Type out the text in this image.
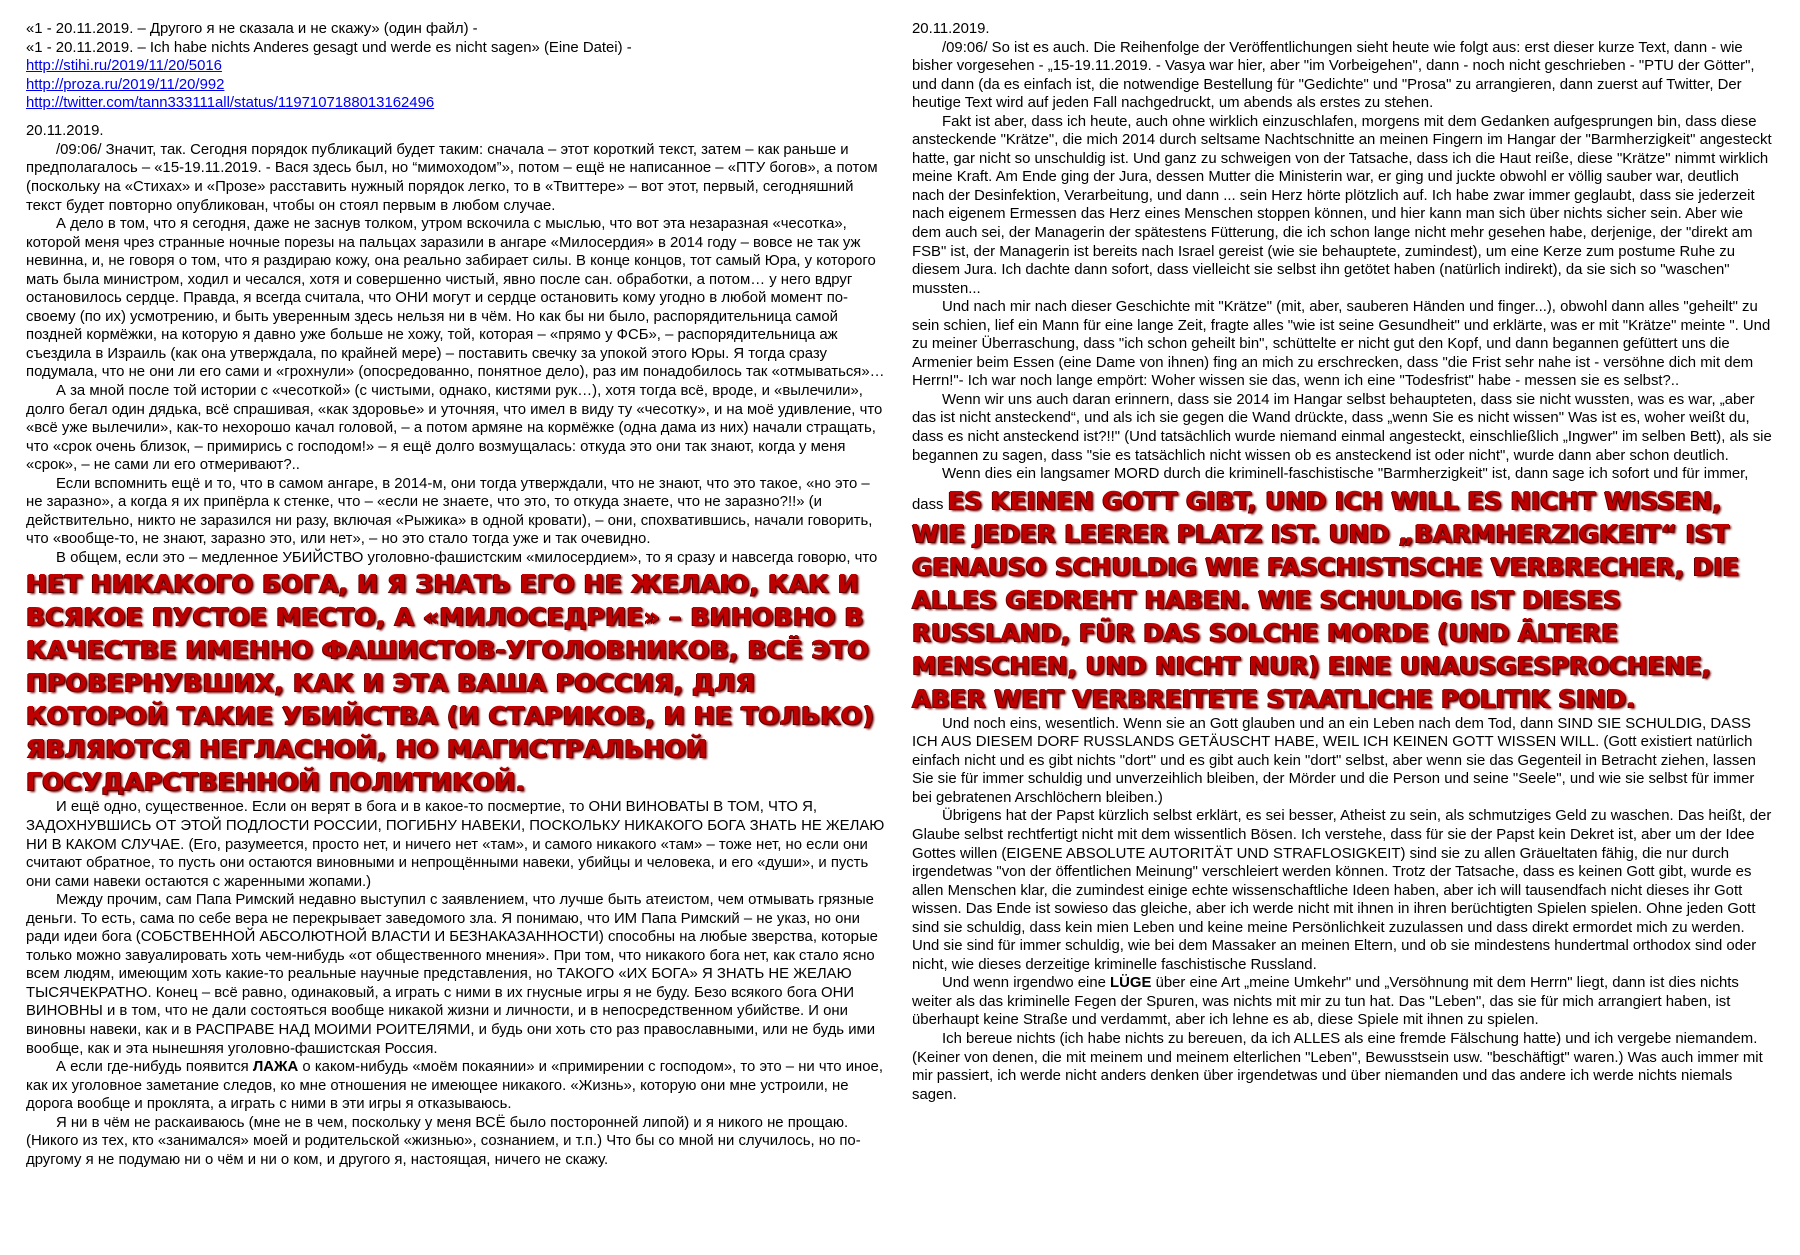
«1 - 20.11.2019. – Другого я не сказала и не скажу» (один файл) -

«1 - 20.11.2019. – Ich habe nichts Anderes gesagt und werde es nicht sagen» (Eine Datei) -

http://stihi.ru/2019/11/20/5016
http://proza.ru/2019/11/20/992
http://twitter.com/tann333111all/status/1197107188013162496

20.11.2019.

/09:06/ Значит, так. Сегодня порядок публикаций будет таким: сначала – этот короткий текст, затем – как раньше и предполагалось – «15-19.11.2019. - Вася здесь был, но “мимоходом”», потом – ещё не написанное – «ПТУ богов», а потом (поскольку на «Стихах» и «Прозе» расставить нужный порядок легко, то в «Твиттере» – вот этот, первый, сегодняшний текст будет повторно опубликован, чтобы он стоял первым в любом случае.

А дело в том, что я сегодня, даже не заснув толком, утром вскочила с мыслью, что вот эта незаразная «чесотка», которой меня чрез странные ночные порезы на пальцах заразили в ангаре «Милосердия» в 2014 году – вовсе не так уж невинна, и, не говоря о том, что я раздираю кожу, она реально забирает силы. В конце концов, тот самый Юра, у которого мать была министром, ходил и чесался, хотя и совершенно чистый, явно после сан. обработки, а потом… у него вдруг остановилось сердце. Правда, я всегда считала, что ОНИ могут и сердце остановить кому угодно в любой момент по-своему (по их) усмотрению, и быть уверенным здесь нельзя ни в чём. Но как бы ни было, распорядительница самой поздней кормёжки, на которую я давно уже больше не хожу, той, которая – «прямо у ФСБ», – распорядительница аж съездила в Израиль (как она утверждала, по крайней мере) – поставить свечку за упокой этого Юры. Я тогда сразу подумала, что не они ли его сами и «грохнули» (опосредованно, понятное дело), раз им понадобилось так «отмываться»…

А за мной после той истории с «чесоткой» (с чистыми, однако, кистями рук…), хотя тогда всё, вроде, и «вылечили», долго бегал один дядька, всё спрашивая, «как здоровье» и уточняя, что имел в виду ту «чесотку», и на моё удивление, что «всё уже вылечили», как-то нехорошо качал головой, – а потом армяне на кормёжке (одна дама из них) начали стращать, что «срок очень близок, – примирись с господом!» – я ещё долго возмущалась: откуда это они так знают, когда у меня «срок», – не сами ли его отмеривают?..

Если вспомнить ещё и то, что в самом ангаре, в 2014-м, они тогда утверждали, что не знают, что это такое, «но это – не заразно», а когда я их припёрла к стенке, что – «если не знаете, что это, то откуда знаете, что не заразно?!!» (и действительно, никто не заразился ни разу, включая «Рыжика» в одной кровати), – они, спохватившись, начали говорить, что «вообще-то, не знают, заразно это, или нет», – но это стало тогда уже и так очевидно.

В общем, если это – медленное УБИЙСТВО уголовно-фашистским «милосердием», то я сразу и навсегда говорю, что НЕТ НИКАКОГО БОГА, И Я ЗНАТЬ ЕГО НЕ ЖЕЛАЮ, КАК И ВСЯКОЕ ПУСТОЕ МЕСТО, А «МИЛОСЕДРИЕ» – ВИНОВНО В КАЧЕСТВЕ ИМЕННО ФАШИСТОВ-УГОЛОВНИКОВ, ВСЁ ЭТО ПРОВЕРНУВШИХ, КАК И ЭТА ВАША РОССИЯ, ДЛЯ КОТОРОЙ ТАКИЕ УБИЙСТВА (И СТАРИКОВ, И НЕ ТОЛЬКО) ЯВЛЯЮТСЯ НЕГЛАСНОЙ, НО МАГИСТРАЛЬНОЙ ГОСУДАРСТВЕННОЙ ПОЛИТИКОЙ.

И ещё одно, существенное. Если он верят в бога и в какое-то посмертие, то ОНИ ВИНОВАТЫ В ТОМ, ЧТО Я, ЗАДОХНУВШИСЬ ОТ ЭТОЙ ПОДЛОСТИ РОССИИ, ПОГИБНУ НАВЕКИ, ПОСКОЛЬКУ НИКАКОГО БОГА ЗНАТЬ НЕ ЖЕЛАЮ НИ В КАКОМ СЛУЧАЕ. (Его, разумеется, просто нет, и ничего нет «там», и самого никакого «там» – тоже нет, но если они считают обратное, то пусть они остаются виновными и непрощёнными навеки, убийцы и человека, и его «души», и пусть они сами навеки остаются с жаренными жопами.)

Между прочим, сам Папа Римский недавно выступил с заявлением, что лучше быть атеистом, чем отмывать грязные деньги. То есть, сама по себе вера не перекрывает заведомого зла. Я понимаю, что ИМ Папа Римский – не указ, но они ради идеи бога (СОБСТВЕННОЙ АБСОЛЮТНОЙ ВЛАСТИ И БЕЗНАКАЗАННОСТИ) способны на любые зверства, которые только можно завуалировать хоть чем-нибудь «от общественного мнения». При том, что никакого бога нет, как стало ясно всем людям, имеющим хоть какие-то реальные научные представления, но ТАКОГО «ИХ БОГА» Я ЗНАТЬ НЕ ЖЕЛАЮ ТЫСЯЧЕКРАТНО. Конец – всё равно, одинаковый, а играть с ними в их гнусные игры я не буду. Безо всякого бога ОНИ ВИНОВНЫ и в том, что не дали состояться вообще никакой жизни и личности, и в непосредственном убийстве. И они виновны навеки, как и в РАСПРАВЕ НАД МОИМИ РОИТЕЛЯМИ, и будь они хоть сто раз православными, или не будь ими вообще, как и эта нынешняя уголовно-фашистская Россия.

А если где-нибудь появится ЛАЖА о каком-нибудь «моём покаянии» и «примирении с господом», то это – ни что иное, как их уголовное заметание следов, ко мне отношения не имеющее никакого. «Жизнь», которую они мне устроили, не дорога вообще и проклята, а играть с ними в эти игры я отказываюсь.

Я ни в чём не раскаиваюсь (мне не в чем, поскольку у меня ВСЁ было посторонней липой) и я никого не прощаю. (Никого из тех, кто «занимался» моей и родительской «жизнью», сознанием, и т.п.) Что бы со мной ни случилось, но по-другому я не подумаю ни о чём и ни о ком, и другого я, настоящая, ничего не скажу.

20.11.2019.

/09:06/ So ist es auch. Die Reihenfolge der Veröffentlichungen sieht heute wie folgt aus: erst dieser kurze Text, dann - wie bisher vorgesehen - „15-19.11.2019. - Vasya war hier, aber "im Vorbeigehen", dann - noch nicht geschrieben - "PTU der Götter", und dann (da es einfach ist, die notwendige Bestellung für "Gedichte" und "Prosa" zu arrangieren, dann zuerst auf Twitter, Der heutige Text wird auf jeden Fall nachgedruckt, um abends als erstes zu stehen.

Fakt ist aber, dass ich heute, auch ohne wirklich einzuschlafen, morgens mit dem Gedanken aufgesprungen bin, dass diese ansteckende "Krätze", die mich 2014 durch seltsame Nachtschnitte an meinen Fingern im Hangar der "Barmherzigkeit" angesteckt hatte, gar nicht so unschuldig ist. Und ganz zu schweigen von der Tatsache, dass ich die Haut reiße, diese "Krätze" nimmt wirklich meine Kraft. Am Ende ging der Jura, dessen Mutter die Ministerin war, er ging und juckte obwohl er völlig sauber war, deutlich nach der Desinfektion, Verarbeitung, und dann ... sein Herz hörte plötzlich auf. Ich habe zwar immer geglaubt, dass sie jederzeit nach eigenem Ermessen das Herz eines Menschen stoppen können, und hier kann man sich über nichts sicher sein. Aber wie dem auch sei, der Managerin der spätestens Fütterung, die ich schon lange nicht mehr gesehen habe, derjenige, der "direkt am FSB" ist, der Managerin ist bereits nach Israel gereist (wie sie behauptete, zumindest), um eine Kerze zum postume Ruhe zu diesem Jura. Ich dachte dann sofort, dass vielleicht sie selbst ihn getötet haben (natürlich indirekt), da sie sich so "waschen" mussten...

Und nach mir nach dieser Geschichte mit "Krätze" (mit, aber, sauberen Händen und finger...), obwohl dann alles "geheilt" zu sein schien, lief ein Mann für eine lange Zeit, fragte alles "wie ist seine Gesundheit" und erklärte, was er mit "Krätze" meinte ". Und zu meiner Überraschung, dass "ich schon geheilt bin", schüttelte er nicht gut den Kopf, und dann begannen gefüttert uns die Armenier beim Essen (eine Dame von ihnen) fing an mich zu erschrecken, dass "die Frist sehr nahe ist - versöhne dich mit dem Herrn!"- Ich war noch lange empört: Woher wissen sie das, wenn ich eine "Todesfrist" habe - messen sie es selbst?..

Wenn wir uns auch daran erinnern, dass sie 2014 im Hangar selbst behaupteten, dass sie nicht wussten, was es war, „aber das ist nicht ansteckend“, und als ich sie gegen die Wand drückte, dass „wenn Sie es nicht wissen" Was ist es, woher weißt du, dass es nicht ansteckend ist?!!" (Und tatsächlich wurde niemand einmal angesteckt, einschließlich „Ingwer" im selben Bett), als sie begannen zu sagen, dass "sie es tatsächlich nicht wissen ob es ansteckend ist oder nicht", wurde dann aber schon deutlich.

Wenn dies ein langsamer MORD durch die kriminell-faschistische "Barmherzigkeit" ist, dann sage ich sofort und für immer, dass ES KEINEN GOTT GIBT, UND ICH WILL ES NICHT WISSEN, WIE JEDER LEERER PLATZ IST. UND „BARMHERZIGKEIT“ IST GENAUSO SCHULDIG WIE FASCHISTISCHE VERBRECHER, DIE ALLES GEDREHT HABEN. WIE SCHULDIG IST DIESES RUSSLAND, FÜR DAS SOLCHE MORDE (UND ÄLTERE MENSCHEN, UND NICHT NUR) EINE UNAUSGESPROCHENE, ABER WEIT VERBREITETE STAATLICHE POLITIK SIND.

Und noch eins, wesentlich. Wenn sie an Gott glauben und an ein Leben nach dem Tod, dann SIND SIE SCHULDIG, DASS ICH AUS DIESEM DORF RUSSLANDS GETÄUSCHT HABE, WEIL ICH KEINEN GOTT WISSEN WILL. (Gott existiert natürlich einfach nicht und es gibt nichts "dort" und es gibt auch kein "dort" selbst, aber wenn sie das Gegenteil in Betracht ziehen, lassen Sie sie für immer schuldig und unverzeihlich bleiben, der Mörder und die Person und seine "Seele", und wie sie selbst für immer bei gebratenen Arschlöchern bleiben.)

Übrigens hat der Papst kürzlich selbst erklärt, es sei besser, Atheist zu sein, als schmutziges Geld zu waschen. Das heißt, der Glaube selbst rechtfertigt nicht mit dem wissentlich Bösen. Ich verstehe, dass für sie der Papst kein Dekret ist, aber um der Idee Gottes willen (EIGENE ABSOLUTE AUTORITÄT UND STRAFLOSIGKEIT) sind sie zu allen Gräueltaten fähig, die nur durch irgendetwas "von der öffentlichen Meinung" verschleiert werden können. Trotz der Tatsache, dass es keinen Gott gibt, wurde es allen Menschen klar, die zumindest einige echte wissenschaftliche Ideen haben, aber ich will tausendfach nicht dieses ihr Gott wissen. Das Ende ist sowieso das gleiche, aber ich werde nicht mit ihnen in ihren berüchtigten Spielen spielen. Ohne jeden Gott sind sie schuldig, dass kein mien Leben und keine meine Persönlichkeit zuzulassen und dass direkt ermordet mich zu werden. Und sie sind für immer schuldig, wie bei dem Massaker an meinen Eltern, und ob sie mindestens hundertmal orthodox sind oder nicht, wie dieses derzeitige kriminelle faschistische Russland.

Und wenn irgendwo eine LÜGE über eine Art „meine Umkehr" und „Versöhnung mit dem Herrn" liegt, dann ist dies nichts weiter als das kriminelle Fegen der Spuren, was nichts mit mir zu tun hat. Das "Leben", das sie für mich arrangiert haben, ist überhaupt keine Straße und verdammt, aber ich lehne es ab, diese Spiele mit ihnen zu spielen.

Ich bereue nichts (ich habe nichts zu bereuen, da ich ALLES als eine fremde Fälschung hatte) und ich vergebe niemandem. (Keiner von denen, die mit meinem und meinem elterlichen "Leben", Bewusstsein usw. "beschäftigt" waren.) Was auch immer mit mir passiert, ich werde nicht anders denken über irgendetwas und über niemanden und das andere ich werde nichts niemals sagen.
